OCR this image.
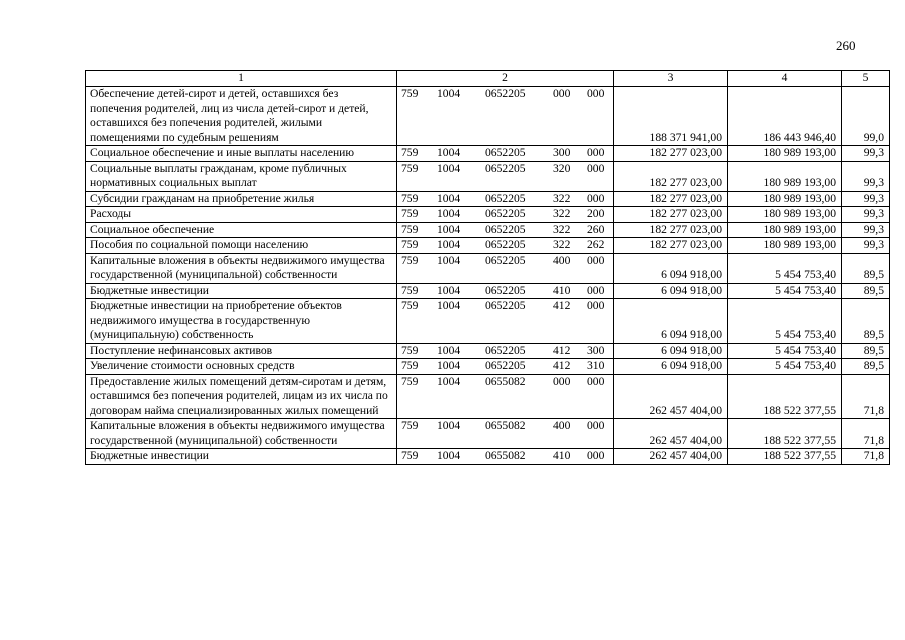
260
1	2	3	4	5
Обеспечение детей-сирот и детей, оставшихся без попечения родителей, лиц из числа детей-сирот и детей, оставшихся без попечения родителей, жилыми помещениями по судебным решениям	759 1004 0652205 000 000	188 371 941,00	186 443 946,40	99,0
Социальное обеспечение и иные выплаты населению	759 1004 0652205 300 000	182 277 023,00	180 989 193,00	99,3
Социальные выплаты гражданам, кроме публичных нормативных социальных выплат	759 1004 0652205 320 000	182 277 023,00	180 989 193,00	99,3
Субсидии гражданам на приобретение жилья	759 1004 0652205 322 000	182 277 023,00	180 989 193,00	99,3
Расходы	759 1004 0652205 322 200	182 277 023,00	180 989 193,00	99,3
Социальное обеспечение	759 1004 0652205 322 260	182 277 023,00	180 989 193,00	99,3
Пособия по социальной помощи населению	759 1004 0652205 322 262	182 277 023,00	180 989 193,00	99,3
Капитальные вложения в объекты недвижимого имущества государственной (муниципальной) собственности	759 1004 0652205 400 000	6 094 918,00	5 454 753,40	89,5
Бюджетные инвестиции	759 1004 0652205 410 000	6 094 918,00	5 454 753,40	89,5
Бюджетные инвестиции на приобретение объектов недвижимого имущества в государственную (муниципальную) собственность	759 1004 0652205 412 000	6 094 918,00	5 454 753,40	89,5
Поступление нефинансовых активов	759 1004 0652205 412 300	6 094 918,00	5 454 753,40	89,5
Увеличение стоимости основных средств	759 1004 0652205 412 310	6 094 918,00	5 454 753,40	89,5
Предоставление жилых помещений детям-сиротам и детям, оставшимся без попечения родителей, лицам из их числа по договорам найма специализированных жилых помещений	759 1004 0655082 000 000	262 457 404,00	188 522 377,55	71,8
Капитальные вложения в объекты недвижимого имущества государственной (муниципальной) собственности	759 1004 0655082 400 000	262 457 404,00	188 522 377,55	71,8
Бюджетные инвестиции	759 1004 0655082 410 000	262 457 404,00	188 522 377,55	71,8
